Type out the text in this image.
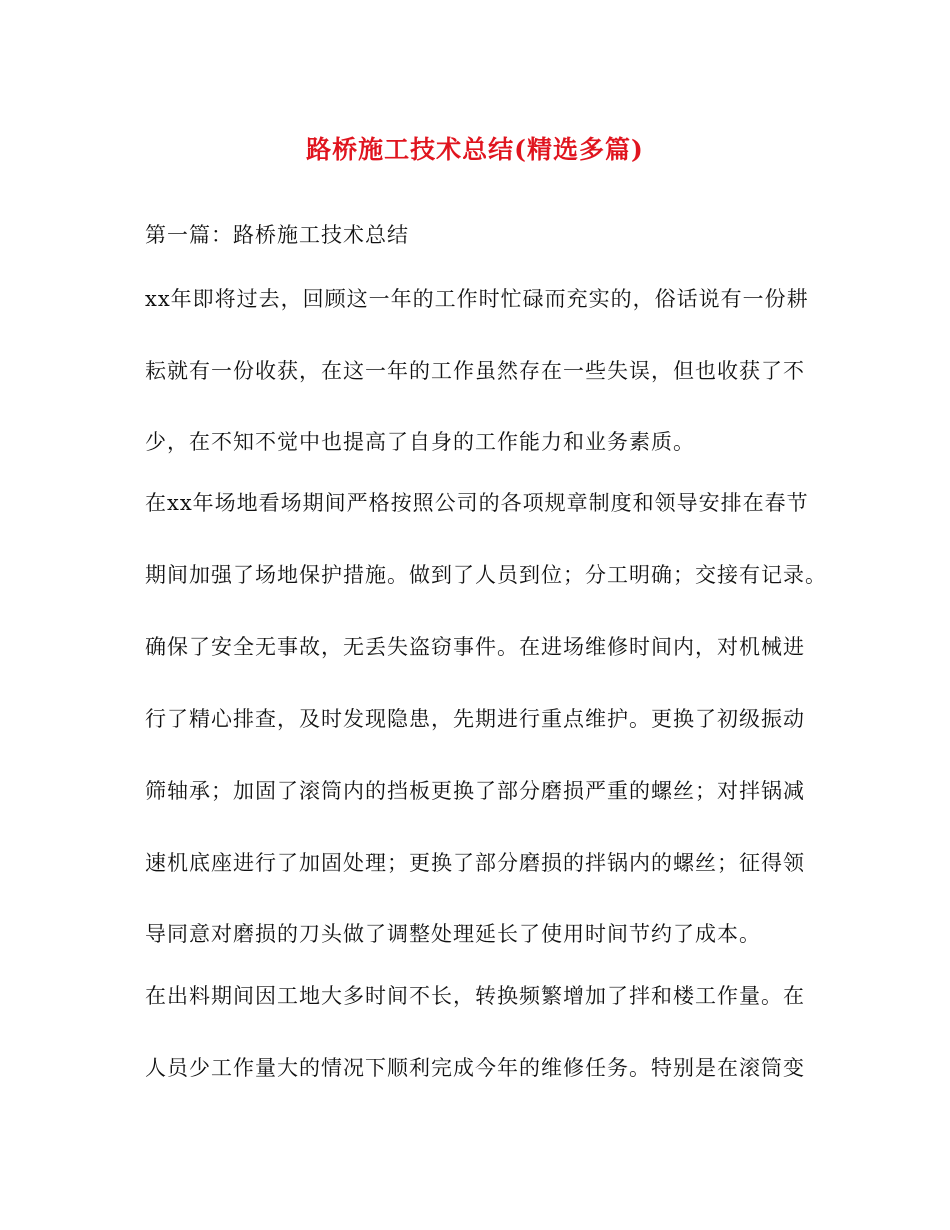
路桥施工技术总结(精选多篇)

第一篇：路桥施工技术总结

xx年即将过去，回顾这一年的工作时忙碌而充实的，俗话说有一份耕

耘就有一份收获，在这一年的工作虽然存在一些失误，但也收获了不

少，在不知不觉中也提高了自身的工作能力和业务素质。

在xx年场地看场期间严格按照公司的各项规章制度和领导安排在春节

期间加强了场地保护措施。做到了人员到位；分工明确；交接有记录。

确保了安全无事故，无丢失盗窃事件。在进场维修时间内，对机械进

行了精心排查，及时发现隐患，先期进行重点维护。更换了初级振动

筛轴承；加固了滚筒内的挡板更换了部分磨损严重的螺丝；对拌锅减

速机底座进行了加固处理；更换了部分磨损的拌锅内的螺丝；征得领

导同意对磨损的刀头做了调整处理延长了使用时间节约了成本。

在出料期间因工地大多时间不长，转换频繁增加了拌和楼工作量。在

人员少工作量大的情况下顺利完成今年的维修任务。特别是在滚筒变
